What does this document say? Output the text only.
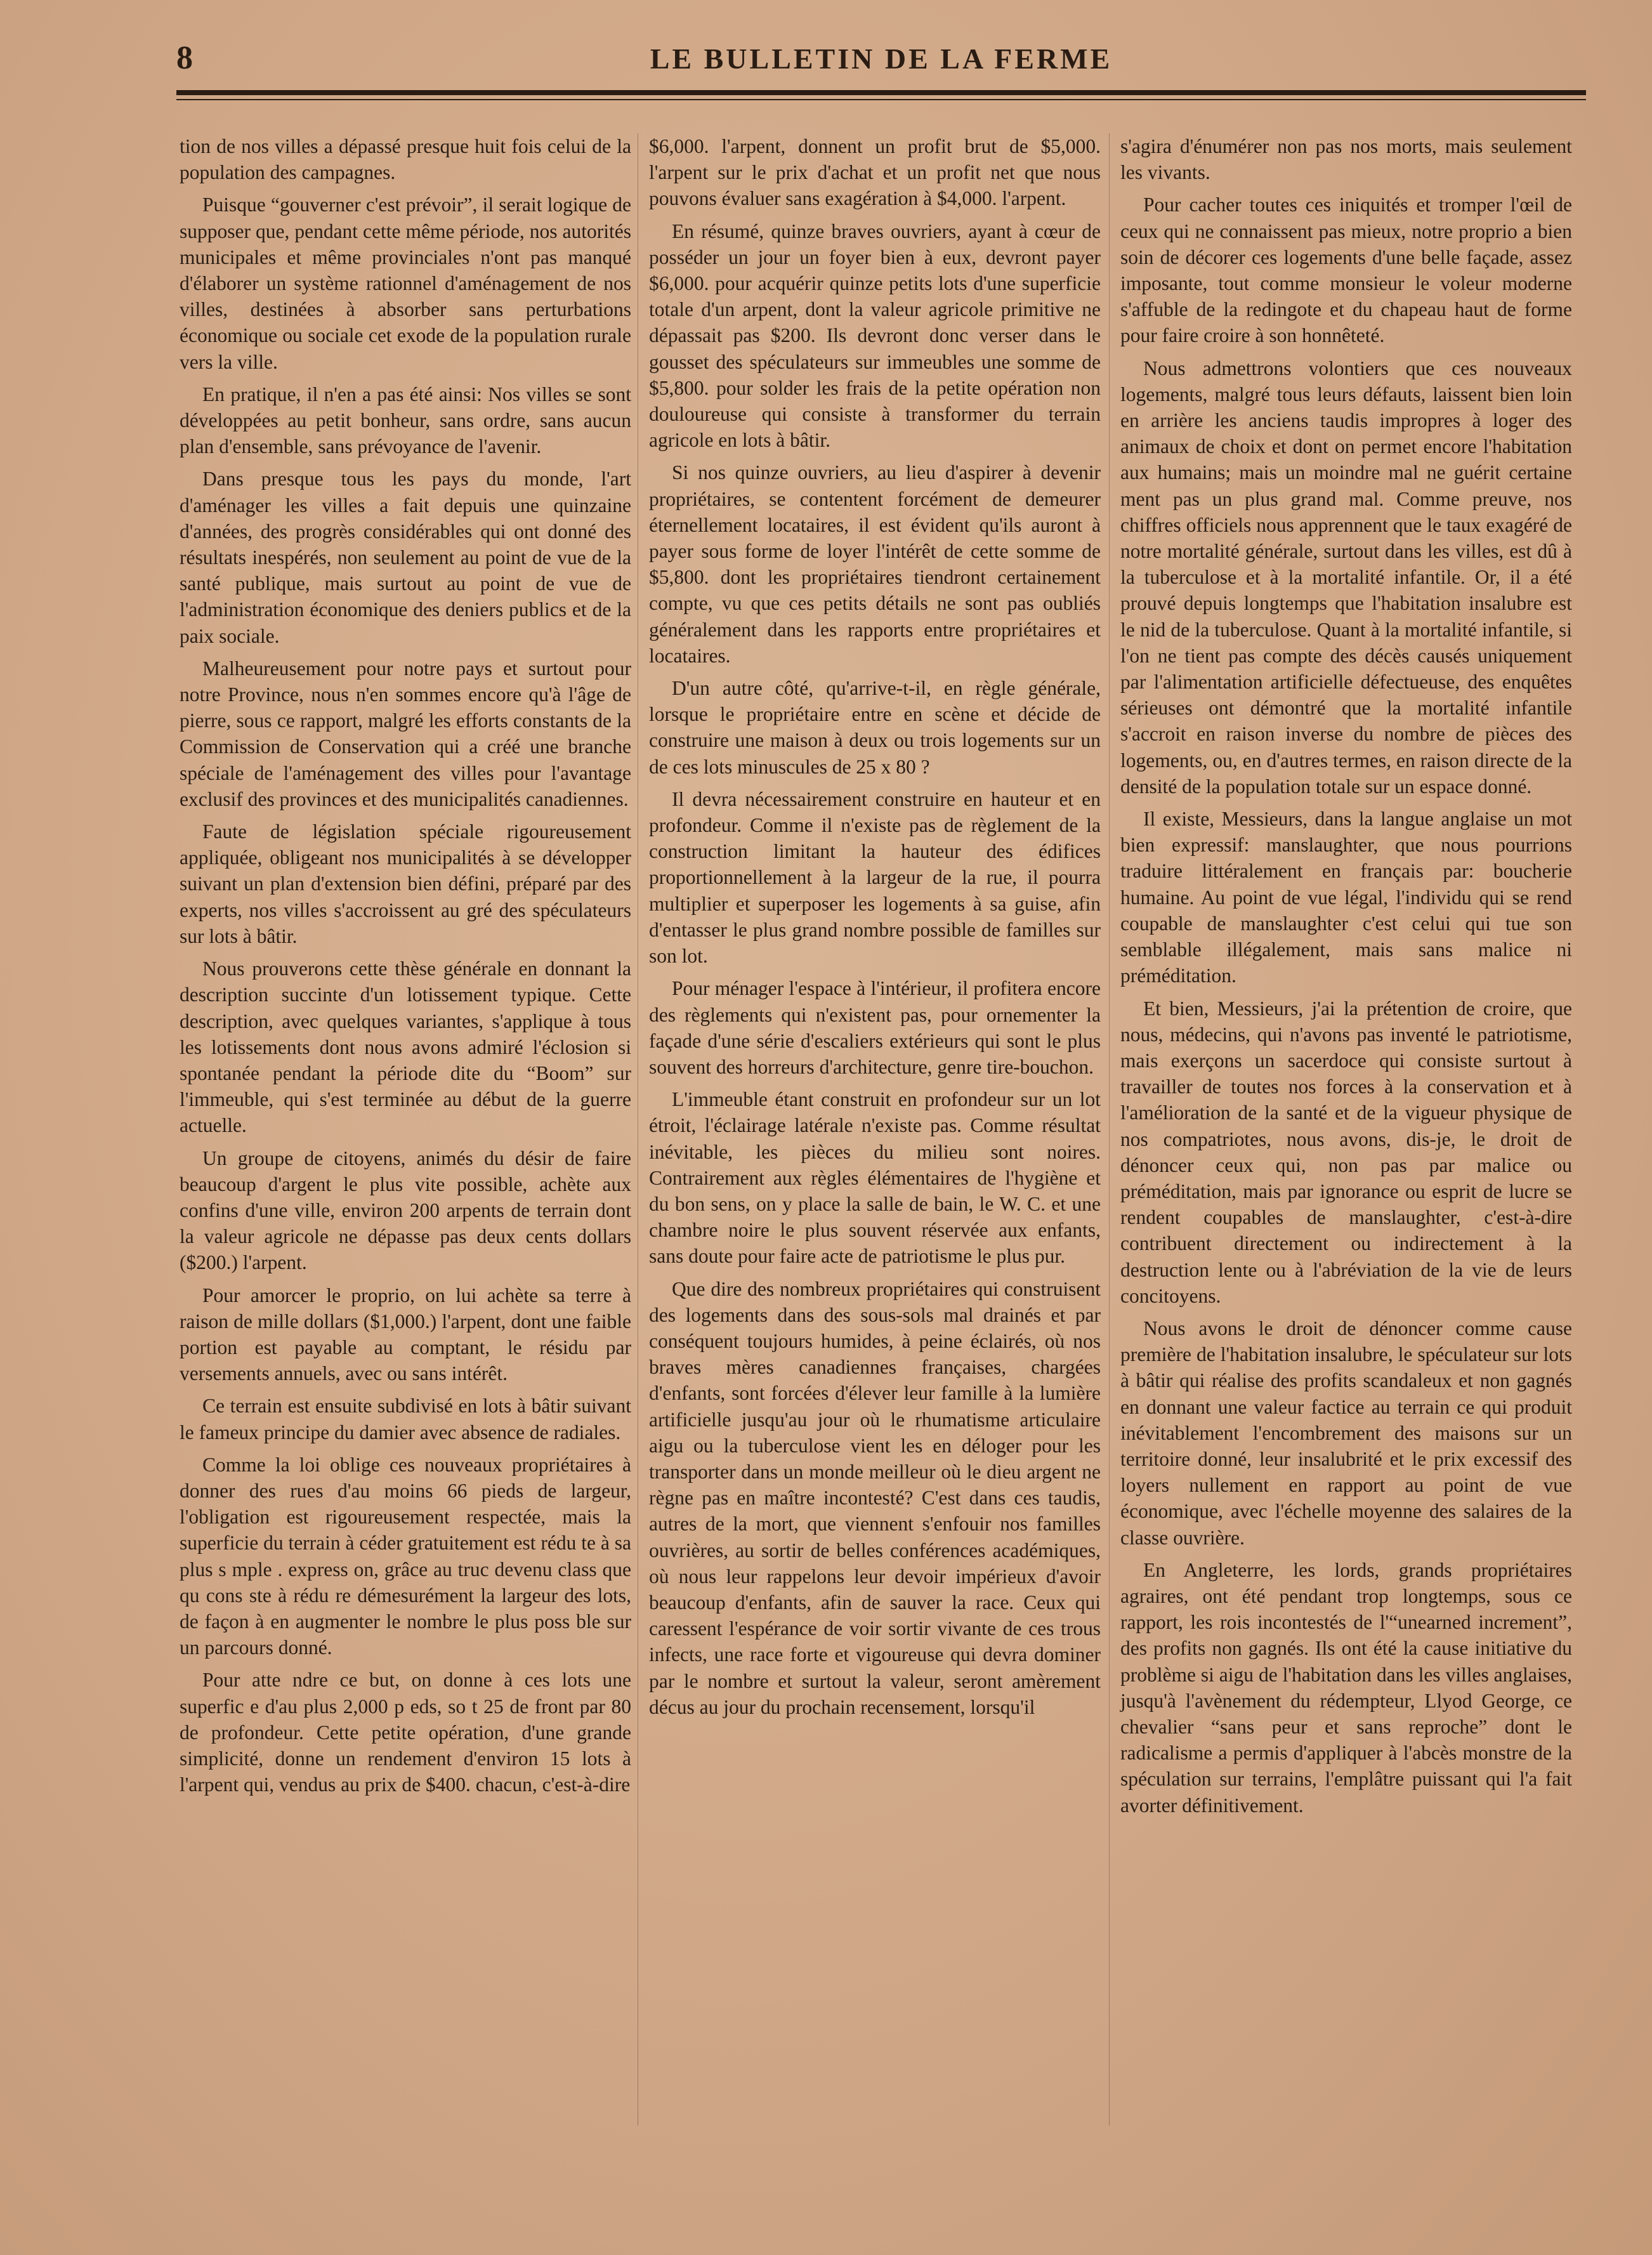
8	LE BULLETIN DE LA FERME

tion de nos villes a dépassé presque huit fois celui de la population des campagnes.

Puisque “gouverner c'est prévoir”, il serait logique de supposer que, pendant cette même période, nos autorités municipales et même provinciales n'ont pas manqué d'élaborer un système rationnel d'aménagement de nos villes, destinées à absorber sans perturbations économique ou sociale cet exode de la population rurale vers la ville.

En pratique, il n'en a pas été ainsi: Nos villes se sont développées au petit bonheur, sans ordre, sans aucun plan d'ensemble, sans prévoyance de l'avenir.

Dans presque tous les pays du monde, l'art d'aménager les villes a fait depuis une quinzaine d'années, des progrès considérables qui ont donné des résultats inespérés, non seulement au point de vue de la santé publique, mais surtout au point de vue de l'administration économique des deniers publics et de la paix sociale.

Malheureusement pour notre pays et surtout pour notre Province, nous n'en sommes encore qu'à l'âge de pierre, sous ce rapport, malgré les efforts constants de la Commission de Conservation qui a créé une branche spéciale de l'aménagement des villes pour l'avantage exclusif des provinces et des municipalités canadiennes.

Faute de législation spéciale rigoureusement appliquée, obligeant nos municipalités à se développer suivant un plan d'extension bien défini, préparé par des experts, nos villes s'accroissent au gré des spéculateurs sur lots à bâtir.

Nous prouverons cette thèse générale en donnant la description succinte d'un lotissement typique. Cette description, avec quelques variantes, s'applique à tous les lotissements dont nous avons admiré l'éclosion si spontanée pendant la période dite du “Boom” sur l'immeuble, qui s'est terminée au début de la guerre actuelle.

Un groupe de citoyens, animés du désir de faire beaucoup d'argent le plus vite possible, achète aux confins d'une ville, environ 200 arpents de terrain dont la valeur agricole ne dépasse pas deux cents dollars ($200.) l'arpent.

Pour amorcer le proprio, on lui achète sa terre à raison de mille dollars ($1,000.) l'arpent, dont une faible portion est payable au comptant, le résidu par versements annuels, avec ou sans intérêt.

Ce terrain est ensuite subdivisé en lots à bâtir suivant le fameux principe du damier avec absence de radiales.

Comme la loi oblige ces nouveaux propriétaires à donner des rues d'au moins 66 pieds de largeur, l'obligation est rigoureusement respectée, mais la superficie du terrain à céder gratuitement est rédu te à sa plus s mple . express on, grâce au truc devenu class que qu cons ste à rédu re démesurément la largeur des lots, de façon à en augmenter le nombre le plus poss ble sur un parcours donné.

Pour atte ndre ce but, on donne à ces lots une superfic e d'au plus 2,000 p eds, so t 25 de front par 80 de profondeur. Cette petite opération, d'une grande simplicité, donne un rendement d'environ 15 lots à l'arpent qui, vendus au prix de $400. chacun, c'est-à-dire

$6,000. l'arpent, donnent un profit brut de $5,000. l'arpent sur le prix d'achat et un profit net que nous pouvons évaluer sans exagération à $4,000. l'arpent.

En résumé, quinze braves ouvriers, ayant à cœur de posséder un jour un foyer bien à eux, devront payer $6,000. pour acquérir quinze petits lots d'une superficie totale d'un arpent, dont la valeur agricole primitive ne dépassait pas $200. Ils devront donc verser dans le gousset des spéculateurs sur immeubles une somme de $5,800. pour solder les frais de la petite opération non douloureuse qui consiste à transformer du terrain agricole en lots à bâtir.

Si nos quinze ouvriers, au lieu d'aspirer à devenir propriétaires, se contentent forcément de demeurer éternellement locataires, il est évident qu'ils auront à payer sous forme de loyer l'intérêt de cette somme de $5,800. dont les propriétaires tiendront certainement compte, vu que ces petits détails ne sont pas oubliés généralement dans les rapports entre propriétaires et locataires.

D'un autre côté, qu'arrive-t-il, en règle générale, lorsque le propriétaire entre en scène et décide de construire une maison à deux ou trois logements sur un de ces lots minuscules de 25 x 80 ?

Il devra nécessairement construire en hauteur et en profondeur. Comme il n'existe pas de règlement de la construction limitant la hauteur des édifices proportionnellement à la largeur de la rue, il pourra multiplier et superposer les logements à sa guise, afin d'entasser le plus grand nombre possible de familles sur son lot.

Pour ménager l'espace à l'intérieur, il profitera encore des règlements qui n'existent pas, pour ornementer la façade d'une série d'escaliers extérieurs qui sont le plus souvent des horreurs d'architecture, genre tire-bouchon.

L'immeuble étant construit en profondeur sur un lot étroit, l'éclairage latérale n'existe pas. Comme résultat inévitable, les pièces du milieu sont noires. Contrairement aux règles élémentaires de l'hygiène et du bon sens, on y place la salle de bain, le W. C. et une chambre noire le plus souvent réservée aux enfants, sans doute pour faire acte de patriotisme le plus pur.

Que dire des nombreux propriétaires qui construisent des logements dans des sous-sols mal drainés et par conséquent toujours humides, à peine éclairés, où nos braves mères canadiennes françaises, chargées d'enfants, sont forcées d'élever leur famille à la lumière artificielle jusqu'au jour où le rhumatisme articulaire aigu ou la tuberculose vient les en déloger pour les transporter dans un monde meilleur où le dieu argent ne règne pas en maître incontesté? C'est dans ces taudis, autres de la mort, que viennent s'enfouir nos familles ouvrières, au sortir de belles conférences académiques, où nous leur rappelons leur devoir impérieux d'avoir beaucoup d'enfants, afin de sauver la race. Ceux qui caressent l'espérance de voir sortir vivante de ces trous infects, une race forte et vigoureuse qui devra dominer par le nombre et surtout la valeur, seront amèrement décus au jour du prochain recensement, lorsqu'il

s'agira d'énumérer non pas nos morts, mais seulement les vivants.

Pour cacher toutes ces iniquités et tromper l'œil de ceux qui ne connaissent pas mieux, notre proprio a bien soin de décorer ces logements d'une belle façade, assez imposante, tout comme monsieur le voleur moderne s'affuble de la redingote et du chapeau haut de forme pour faire croire à son honnêteté.

Nous admettrons volontiers que ces nouveaux logements, malgré tous leurs défauts, laissent bien loin en arrière les anciens taudis impropres à loger des animaux de choix et dont on permet encore l'habitation aux humains; mais un moindre mal ne guérit certaine ment pas un plus grand mal. Comme preuve, nos chiffres officiels nous apprennent que le taux exagéré de notre mortalité générale, surtout dans les villes, est dû à la tuberculose et à la mortalité infantile. Or, il a été prouvé depuis longtemps que l'habitation insalubre est le nid de la tuberculose. Quant à la mortalité infantile, si l'on ne tient pas compte des décès causés uniquement par l'alimentation artificielle défectueuse, des enquêtes sérieuses ont démontré que la mortalité infantile s'accroit en raison inverse du nombre de pièces des logements, ou, en d'autres termes, en raison directe de la densité de la population totale sur un espace donné.

Il existe, Messieurs, dans la langue anglaise un mot bien expressif: manslaughter, que nous pourrions traduire littéralement en français par: boucherie humaine. Au point de vue légal, l'individu qui se rend coupable de manslaughter c'est celui qui tue son semblable illégalement, mais sans malice ni préméditation.

Et bien, Messieurs, j'ai la prétention de croire, que nous, médecins, qui n'avons pas inventé le patriotisme, mais exerçons un sacerdoce qui consiste surtout à travailler de toutes nos forces à la conservation et à l'amélioration de la santé et de la vigueur physique de nos compatriotes, nous avons, dis-je, le droit de dénoncer ceux qui, non pas par malice ou préméditation, mais par ignorance ou esprit de lucre se rendent coupables de manslaughter, c'est-à-dire contribuent directement ou indirectement à la destruction lente ou à l'abréviation de la vie de leurs concitoyens.

Nous avons le droit de dénoncer comme cause première de l'habitation insalubre, le spéculateur sur lots à bâtir qui réalise des profits scandaleux et non gagnés en donnant une valeur factice au terrain ce qui produit inévitablement l'encombrement des maisons sur un territoire donné, leur insalubrité et le prix excessif des loyers nullement en rapport au point de vue économique, avec l'échelle moyenne des salaires de la classe ouvrière.

En Angleterre, les lords, grands propriétaires agraires, ont été pendant trop longtemps, sous ce rapport, les rois incontestés de l'“unearned increment”, des profits non gagnés. Ils ont été la cause initiative du problème si aigu de l'habitation dans les villes anglaises, jusqu'à l'avènement du rédempteur, Llyod George, ce chevalier “sans peur et sans reproche” dont le radicalisme a permis d'appliquer à l'abcès monstre de la spéculation sur terrains, l'emplâtre puissant qui l'a fait avorter définitivement.
